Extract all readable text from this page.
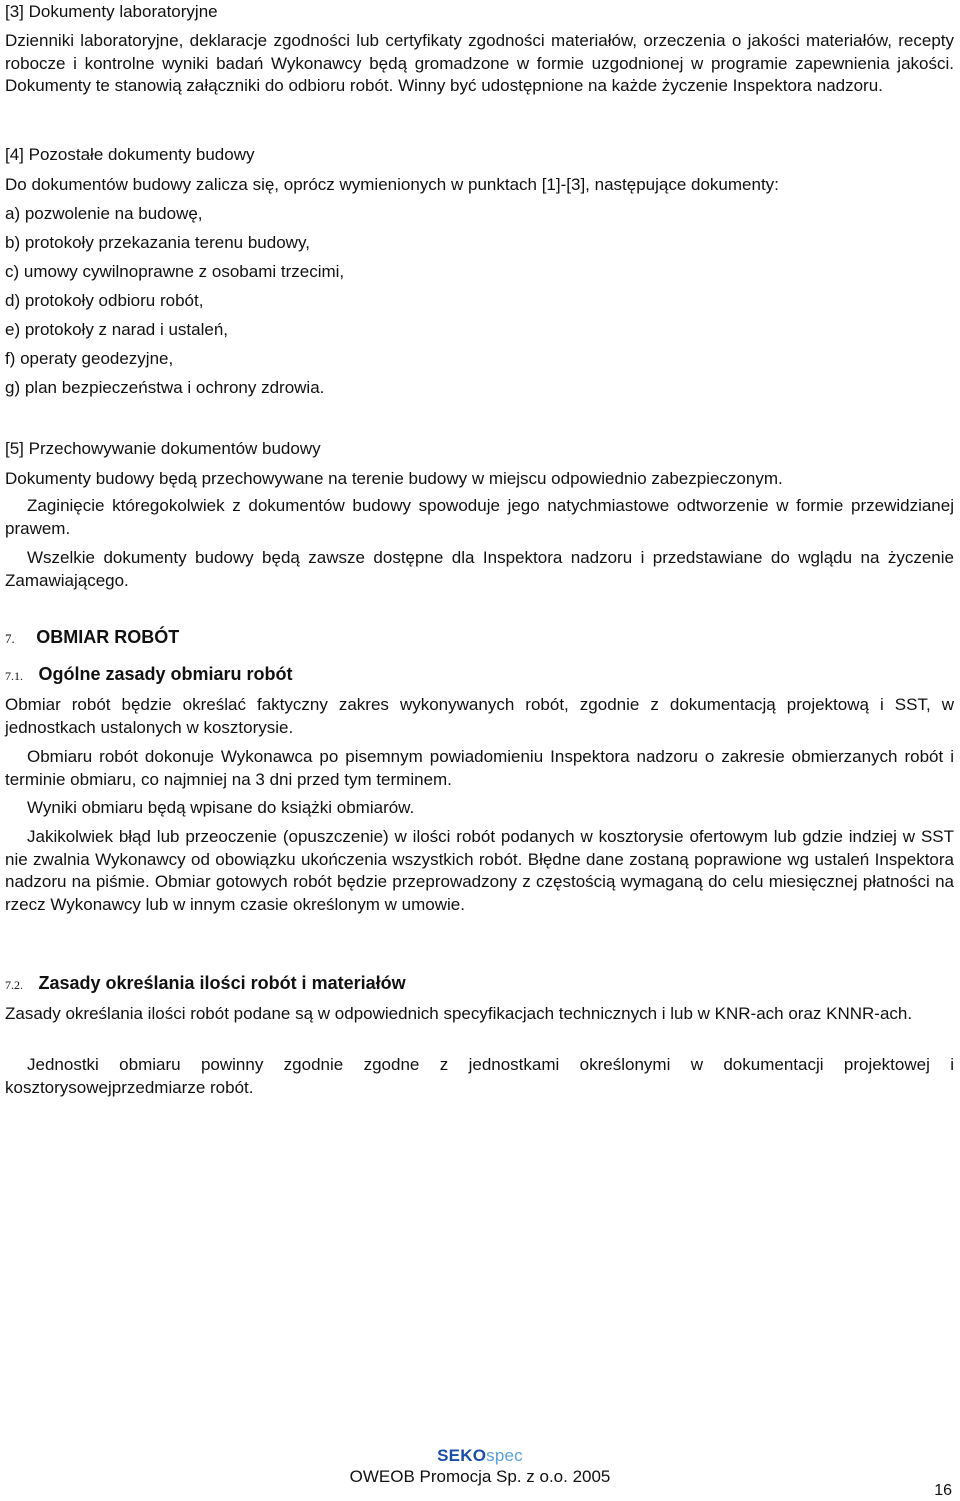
[3] Dokumenty laboratoryjne

Dzienniki laboratoryjne, deklaracje zgodności lub certyfikaty zgodności materiałów, orzeczenia o jakości materiałów, recepty robocze i kontrolne wyniki badań Wykonawcy będą gromadzone w formie uzgodnionej w programie zapewnienia jakości. Dokumenty te stanowią załączniki do odbioru robót. Winny być udostępnione na każde życzenie Inspektora nadzoru.

[4] Pozostałe dokumenty budowy

Do dokumentów budowy zalicza się, oprócz wymienionych w punktach [1]-[3], następujące dokumenty:

a) pozwolenie na budowę,
b) protokoły przekazania terenu budowy,
c) umowy cywilnoprawne z osobami trzecimi,
d) protokoły odbioru robót,
e) protokoły z narad i ustaleń,
f) operaty geodezyjne,
g) plan bezpieczeństwa i ochrony zdrowia.

[5] Przechowywanie dokumentów budowy

Dokumenty budowy będą przechowywane na terenie budowy w miejscu odpowiednio zabezpieczonym.

Zaginięcie któregokolwiek z dokumentów budowy spowoduje jego natychmiastowe odtworzenie w formie przewidzianej prawem.

Wszelkie dokumenty budowy będą zawsze dostępne dla Inspektora nadzoru i przedstawiane do wglądu na życzenie Zamawiającego.

7. OBMIAR ROBÓT
7.1. Ogólne zasady obmiaru robót

Obmiar robót będzie określać faktyczny zakres wykonywanych robót, zgodnie z dokumentacją projektową i SST, w jednostkach ustalonych w kosztorysie.

Obmiaru robót dokonuje Wykonawca po pisemnym powiadomieniu Inspektora nadzoru o zakresie obmierzanych robót i terminie obmiaru, co najmniej na 3 dni przed tym terminem.

Wyniki obmiaru będą wpisane do książki obmiarów.

Jakikolwiek błąd lub przeoczenie (opuszczenie) w ilości robót podanych w kosztorysie ofertowym lub gdzie indziej w SST nie zwalnia Wykonawcy od obowiązku ukończenia wszystkich robót. Błędne dane zostaną poprawione wg ustaleń Inspektora nadzoru na piśmie. Obmiar gotowych robót będzie przeprowadzony z częstością wymaganą do celu miesięcznej płatności na rzecz Wykonawcy lub w innym czasie określonym w umowie.

7.2. Zasady określania ilości robót i materiałów

Zasady określania ilości robót podane są w odpowiednich specyfikacjach technicznych i lub w KNR-ach oraz KNNR-ach.

Jednostki obmiaru powinny zgodnie zgodne z jednostkami określonymi w dokumentacji projektowej i kosztorysowejprzedmiarze robót.

SEKOspec
OWEOB Promocja Sp. z o.o. 2005
16
